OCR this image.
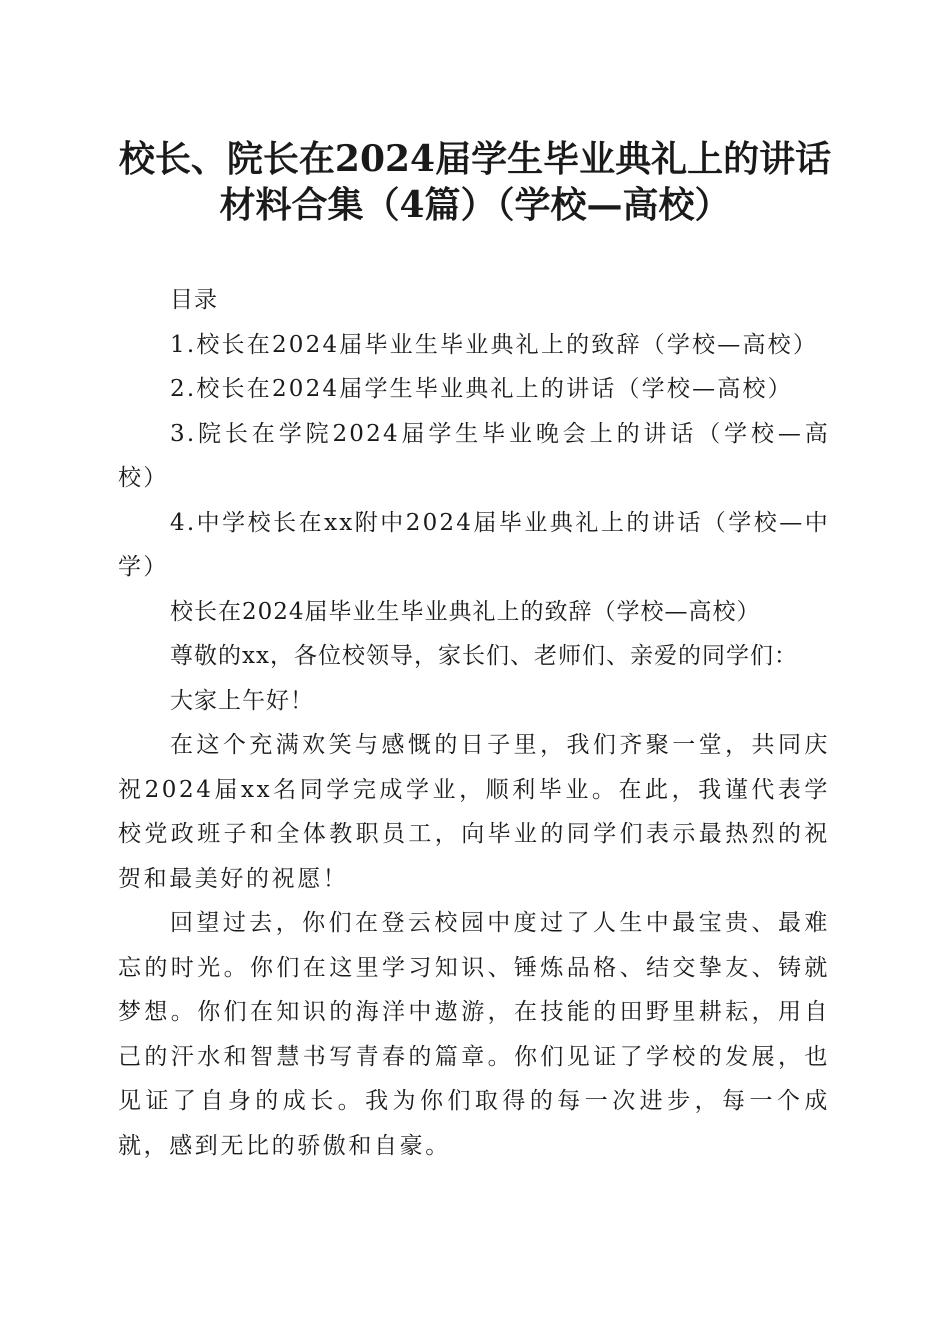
校长、院长在2024届学生毕业典礼上的讲话
材料合集（4篇）（学校—高校）

目录

1.校长在2024届毕业生毕业典礼上的致辞（学校—高校）

2.校长在2024届学生毕业典礼上的讲话（学校—高校）

3.院长在学院2024届学生毕业晚会上的讲话（学校—高校）

4.中学校长在xx附中2024届毕业典礼上的讲话（学校—中学）

校长在2024届毕业生毕业典礼上的致辞（学校—高校）

尊敬的xx，各位校领导，家长们、老师们、亲爱的同学们：

大家上午好！

在这个充满欢笑与感慨的日子里，我们齐聚一堂，共同庆祝2024届xx名同学完成学业，顺利毕业。在此，我谨代表学校党政班子和全体教职员工，向毕业的同学们表示最热烈的祝贺和最美好的祝愿！

回望过去，你们在登云校园中度过了人生中最宝贵、最难忘的时光。你们在这里学习知识、锤炼品格、结交挚友、铸就梦想。你们在知识的海洋中遨游，在技能的田野里耕耘，用自己的汗水和智慧书写青春的篇章。你们见证了学校的发展，也见证了自身的成长。我为你们取得的每一次进步，每一个成就，感到无比的骄傲和自豪。
